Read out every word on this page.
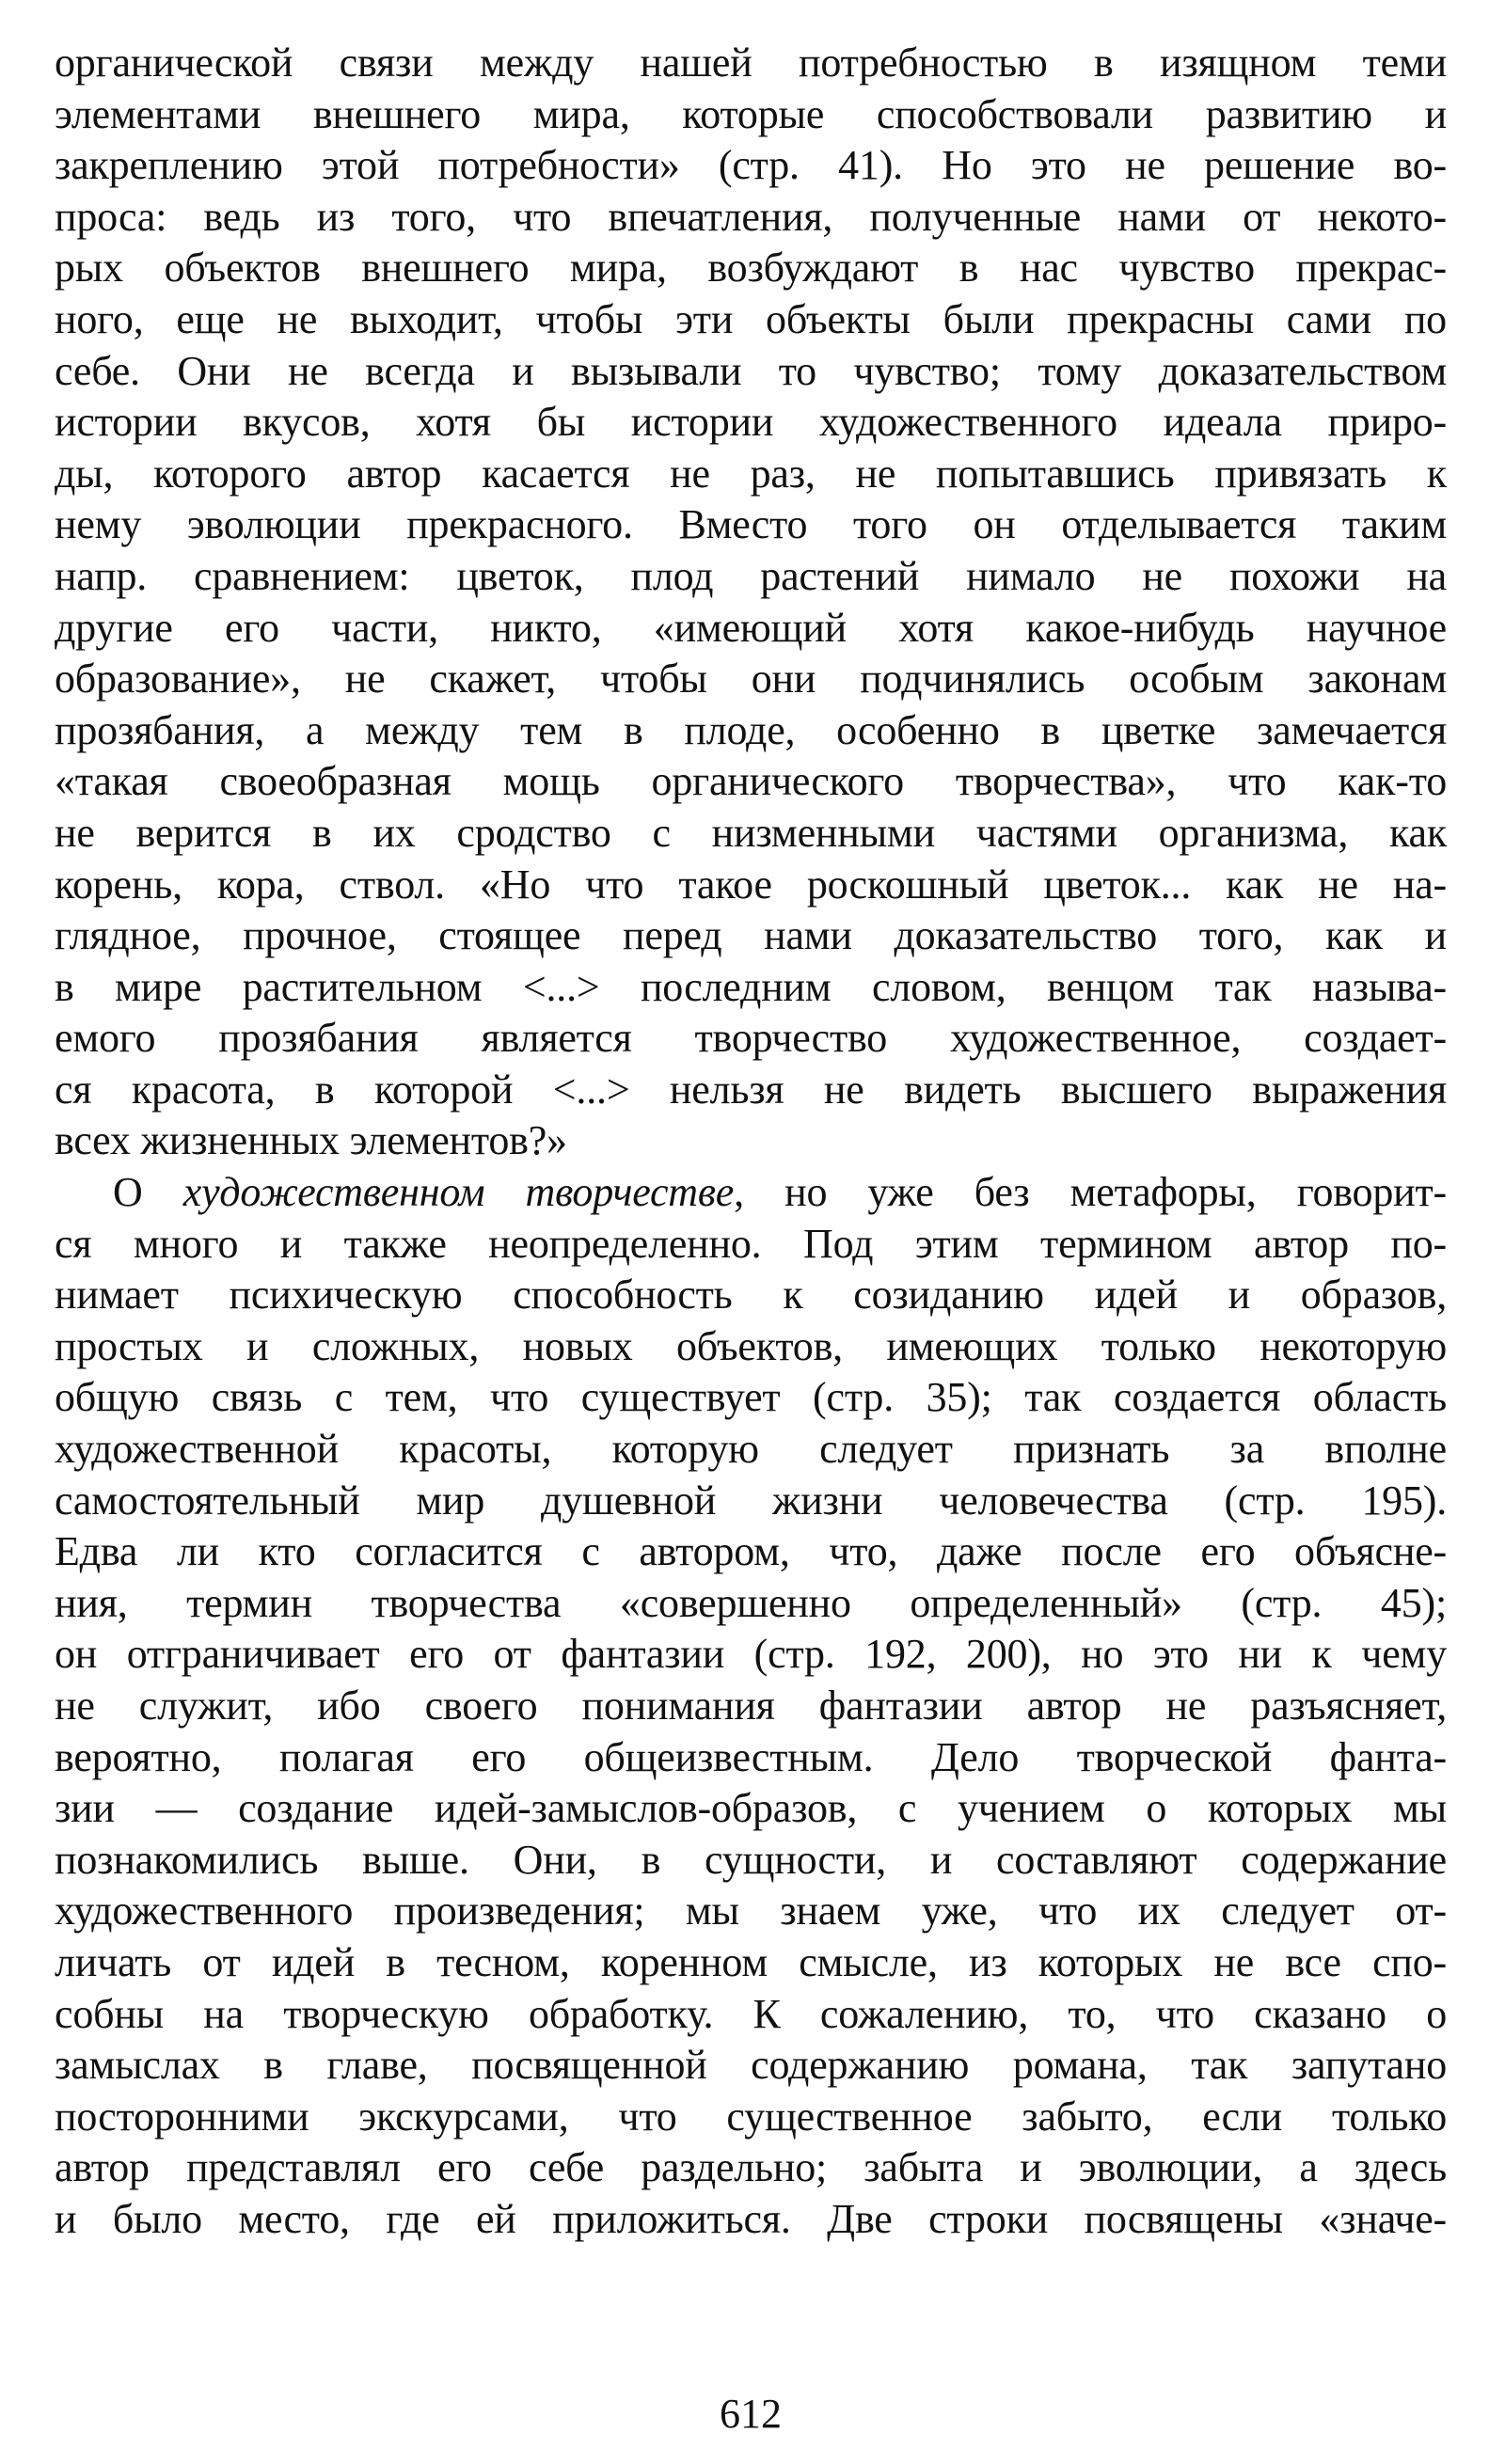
органической связи между нашей потребностью в изящном теми
элементами внешнего мира, которые способствовали развитию и
закреплению этой потребности» (стр. 41). Но это не решение во-
проса: ведь из того, что впечатления, полученные нами от некото-
рых объектов внешнего мира, возбуждают в нас чувство прекрас-
ного, еще не выходит, чтобы эти объекты были прекрасны сами по
себе. Они не всегда и вызывали то чувство; тому доказательством
истории вкусов, хотя бы истории художественного идеала приро-
ды, которого автор касается не раз, не попытавшись привязать к
нему эволюции прекрасного. Вместо того он отделывается таким
напр. сравнением: цветок, плод растений нимало не похожи на
другие его части, никто, «имеющий хотя какое-нибудь научное
образование», не скажет, чтобы они подчинялись особым законам
прозябания, а между тем в плоде, особенно в цветке замечается
«такая своеобразная мощь органического творчества», что как-то
не верится в их сродство с низменными частями организма, как
корень, кора, ствол. «Но что такое роскошный цветок... как не на-
глядное, прочное, стоящее перед нами доказательство того, как и
в мире растительном <...> последним словом, венцом так называ-
емого прозябания является творчество художественное, создает-
ся красота, в которой <...> нельзя не видеть высшего выражения
всех жизненных элементов?»
О художественном творчестве, но уже без метафоры, говорит-
ся много и также неопределенно. Под этим термином автор по-
нимает психическую способность к созиданию идей и образов,
простых и сложных, новых объектов, имеющих только некоторую
общую связь с тем, что существует (стр. 35); так создается область
художественной красоты, которую следует признать за вполне
самостоятельный мир душевной жизни человечества (стр. 195).
Едва ли кто согласится с автором, что, даже после его объясне-
ния, термин творчества «совершенно определенный» (стр. 45);
он отграничивает его от фантазии (стр. 192, 200), но это ни к чему
не служит, ибо своего понимания фантазии автор не разъясняет,
вероятно, полагая его общеизвестным. Дело творческой фанта-
зии — создание идей-замыслов-образов, с учением о которых мы
познакомились выше. Они, в сущности, и составляют содержание
художественного произведения; мы знаем уже, что их следует от-
личать от идей в тесном, коренном смысле, из которых не все спо-
собны на творческую обработку. К сожалению, то, что сказано о
замыслах в главе, посвященной содержанию романа, так запутано
посторонними экскурсами, что существенное забыто, если только
автор представлял его себе раздельно; забыта и эволюции, а здесь
и было место, где ей приложиться. Две строки посвящены «значе-
612
